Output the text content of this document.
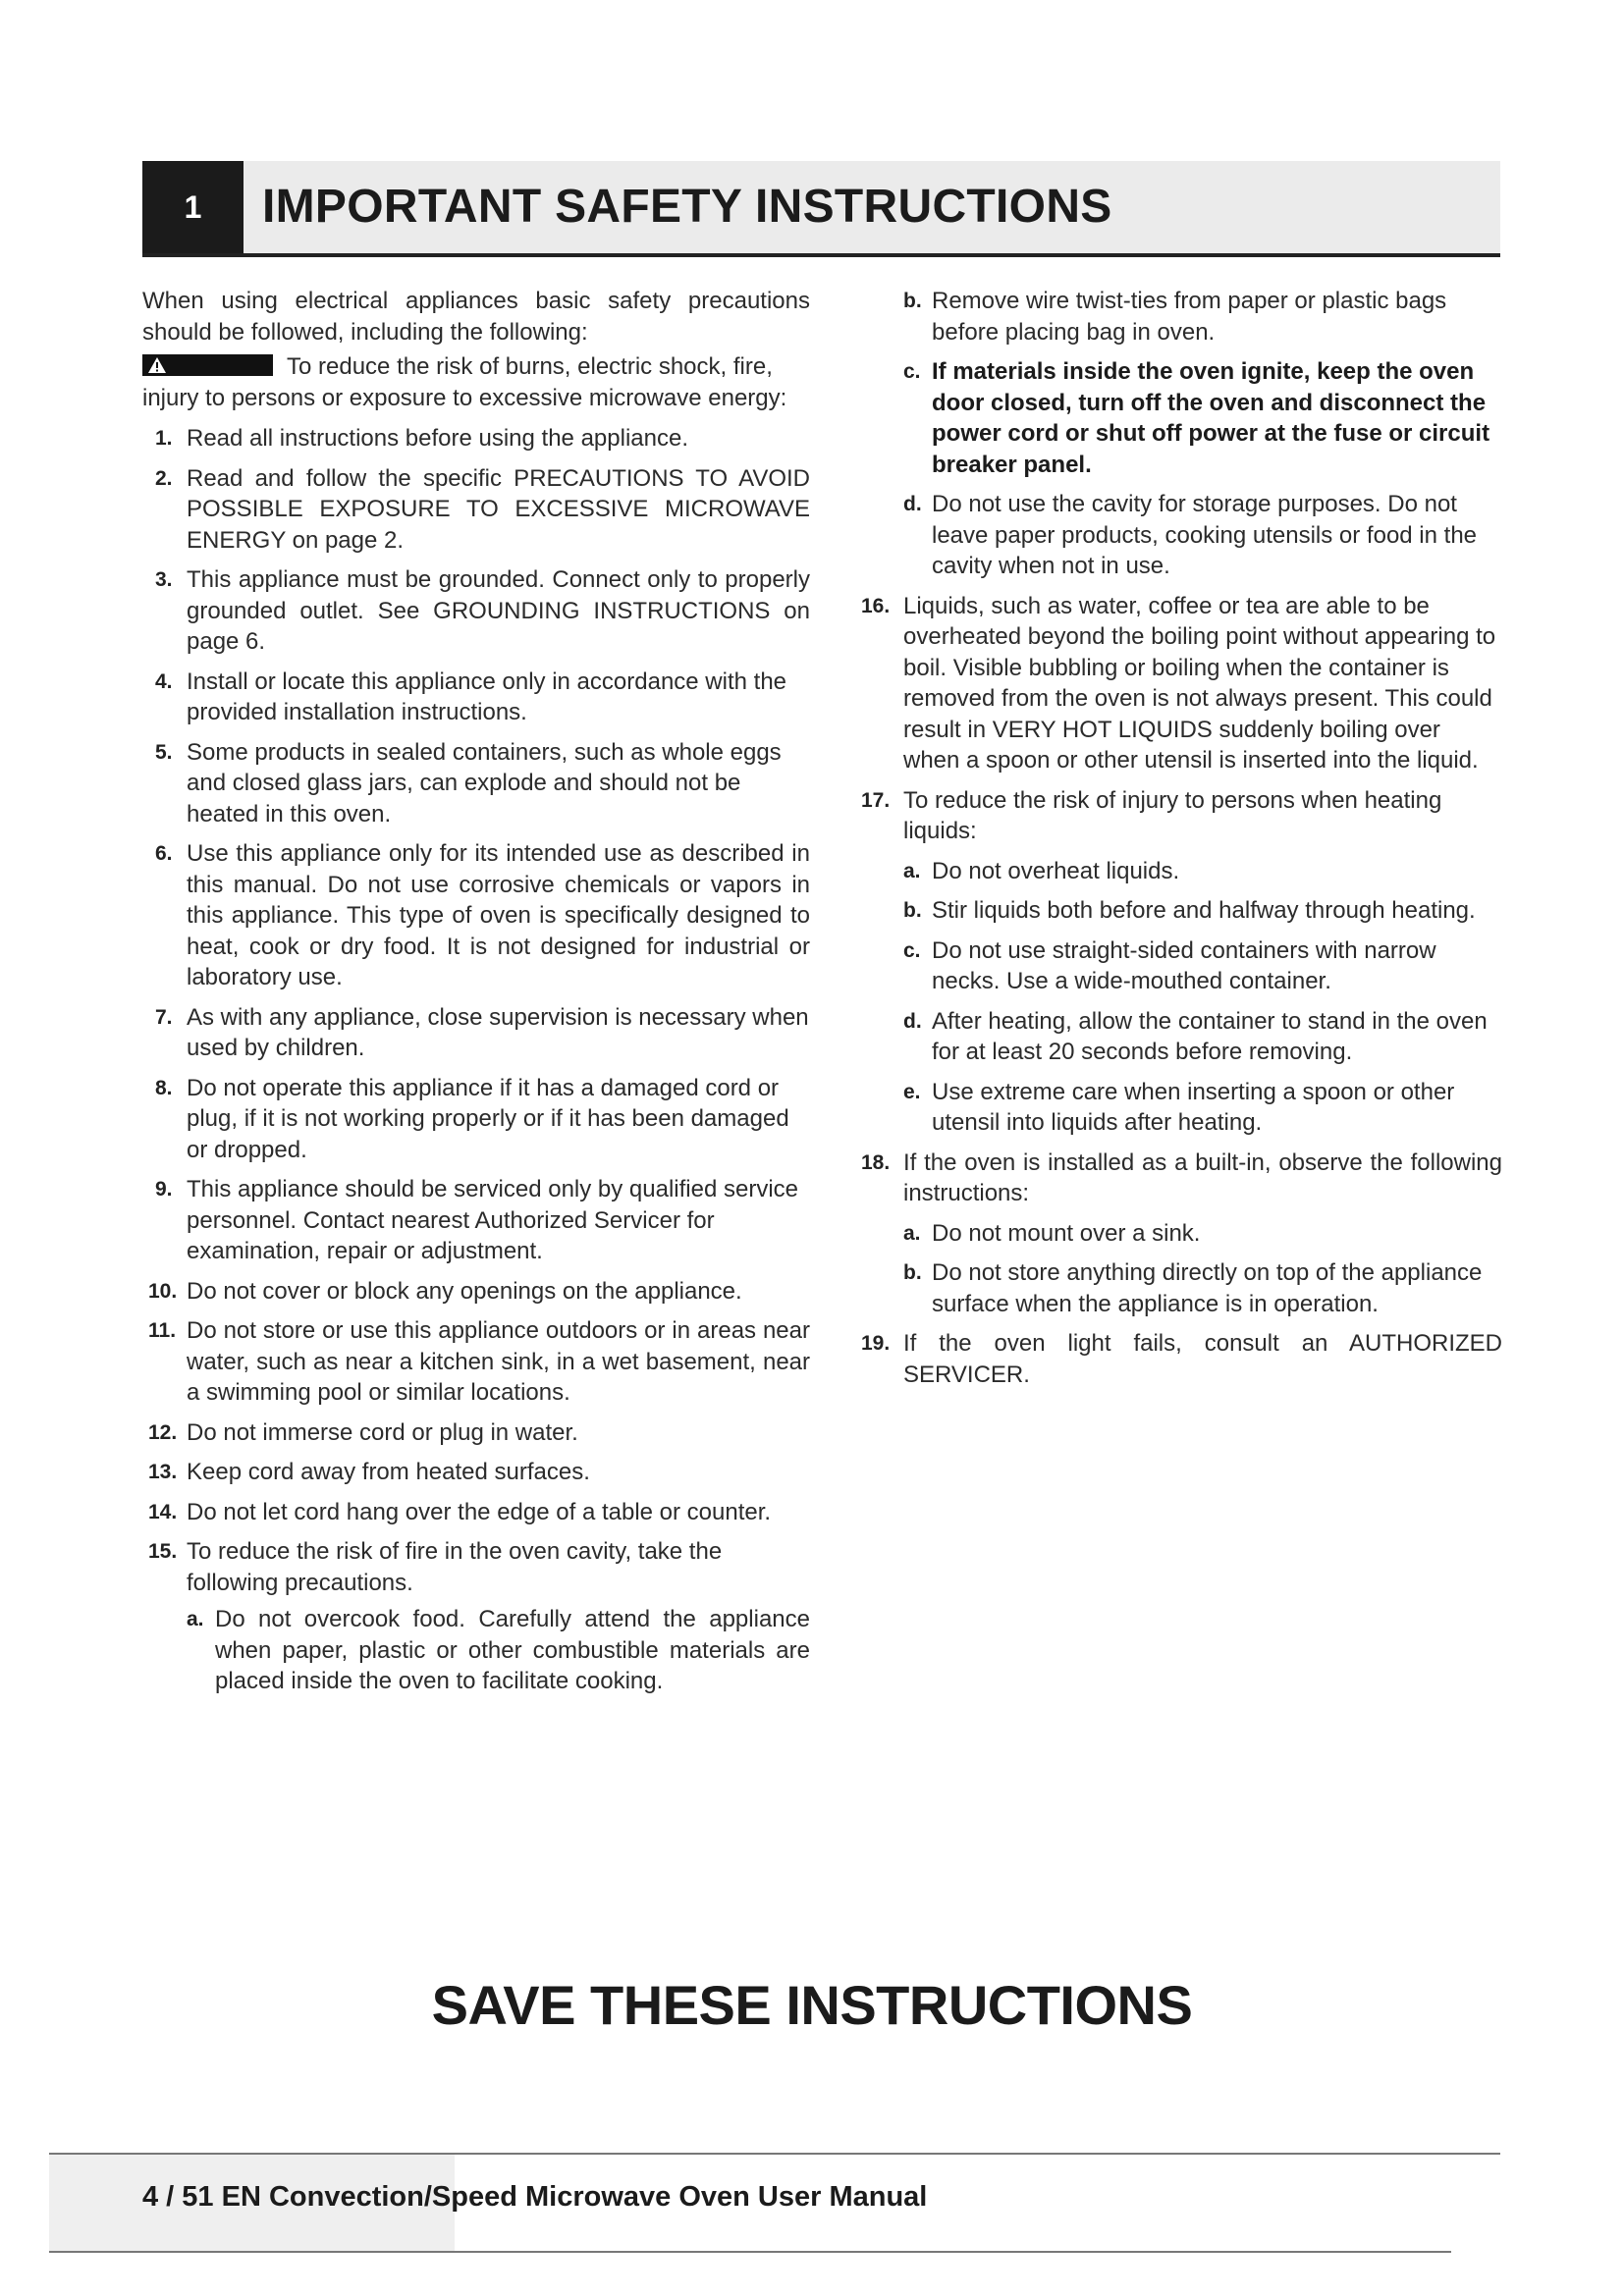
1	IMPORTANT SAFETY INSTRUCTIONS

When using electrical appliances basic safety precautions should be followed, including the following:

To reduce the risk of burns, electric shock, fire, injury to persons or exposure to excessive microwave energy:

1. Read all instructions before using the appliance.
2. Read and follow the specific PRECAUTIONS TO AVOID POSSIBLE EXPOSURE TO EXCESSIVE MICROWAVE ENERGY on page 2.
3. This appliance must be grounded. Connect only to properly grounded outlet. See GROUNDING INSTRUCTIONS on page 6.
4. Install or locate this appliance only in accordance with the provided installation instructions.
5. Some products in sealed containers, such as whole eggs and closed glass jars, can explode and should not be heated in this oven.
6. Use this appliance only for its intended use as described in this manual. Do not use corrosive chemicals or vapors in this appliance. This type of oven is specifically designed to heat, cook or dry food. It is not designed for industrial or laboratory use.
7. As with any appliance, close supervision is necessary when used by children.
8. Do not operate this appliance if it has a damaged cord or plug, if it is not working properly or if it has been damaged or dropped.
9. This appliance should be serviced only by qualified service personnel. Contact nearest Authorized Servicer for examination, repair or adjustment.
10. Do not cover or block any openings on the appliance.
11. Do not store or use this appliance outdoors or in areas near water, such as near a kitchen sink, in a wet basement, near a swimming pool or similar locations.
12. Do not immerse cord or plug in water.
13. Keep cord away from heated surfaces.
14. Do not let cord hang over the edge of a table or counter.
15. To reduce the risk of fire in the oven cavity, take the following precautions.
a. Do not overcook food. Carefully attend the appliance when paper, plastic or other combustible materials are placed inside the oven to facilitate cooking.
b. Remove wire twist-ties from paper or plastic bags before placing bag in oven.
c. If materials inside the oven ignite, keep the oven door closed, turn off the oven and disconnect the power cord or shut off power at the fuse or circuit breaker panel.
d. Do not use the cavity for storage purposes. Do not leave paper products, cooking utensils or food in the cavity when not in use.
16. Liquids, such as water, coffee or tea are able to be overheated beyond the boiling point without appearing to boil. Visible bubbling or boiling when the container is removed from the oven is not always present. This could result in VERY HOT LIQUIDS suddenly boiling over when a spoon or other utensil is inserted into the liquid.
17. To reduce the risk of injury to persons when heating liquids:
a. Do not overheat liquids.
b. Stir liquids both before and halfway through heating.
c. Do not use straight-sided containers with narrow necks. Use a wide-mouthed container.
d. After heating, allow the container to stand in the oven for at least 20 seconds before removing.
e. Use extreme care when inserting a spoon or other utensil into liquids after heating.
18. If the oven is installed as a built-in, observe the following instructions:
a. Do not mount over a sink.
b. Do not store anything directly on top of the appliance surface when the appliance is in operation.
19. If the oven light fails, consult an AUTHORIZED SERVICER.
SAVE THESE INSTRUCTIONS
4 / 51 EN Convection/Speed Microwave Oven User Manual
